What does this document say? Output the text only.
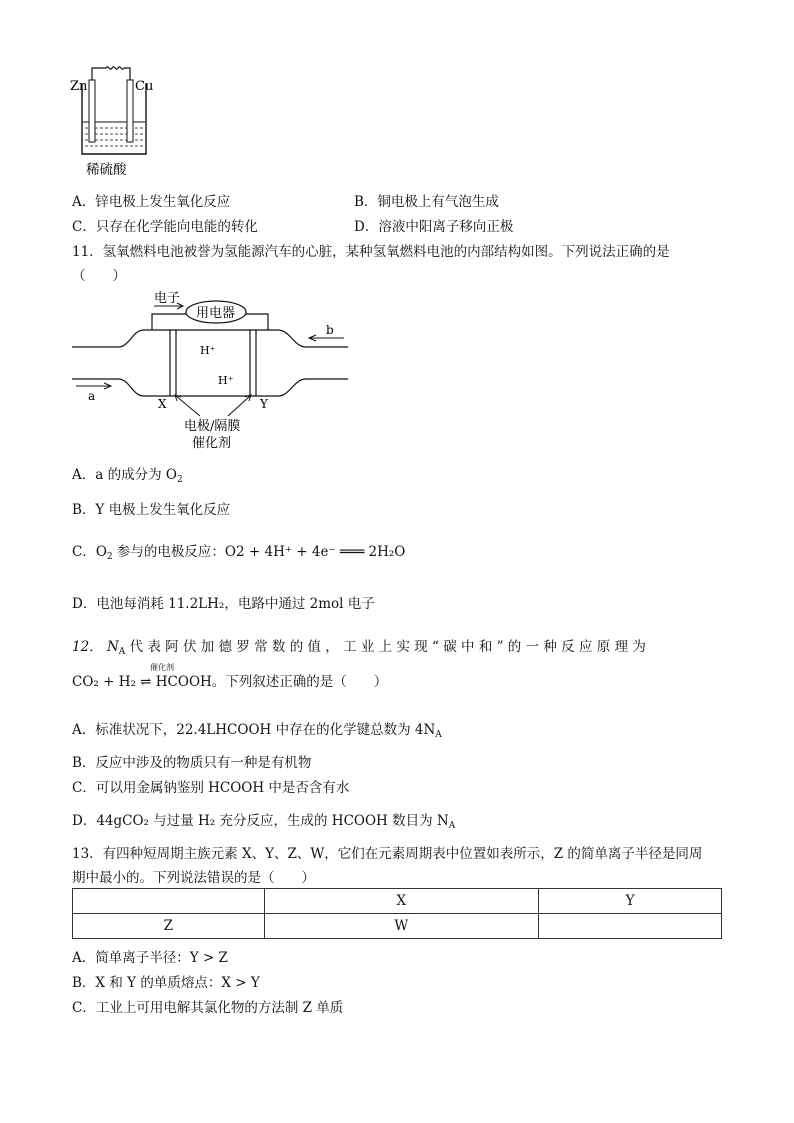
Zn	Cu
稀硫酸
A．锌电极上发生氧化反应	B．铜电极上有气泡生成
C．只存在化学能向电能的转化	D．溶液中阳离子移向正极
11．氢氧燃料电池被誉为氢能源汽车的心脏，某种氢氧燃料电池的内部结构如图。下列说法正确的是
（　　）
用电器
电子
H⁺
H⁺
a
b
X	Y
电极/隔膜
催化剂
A．a 的成分为 $O_2$
B．Y 电极上发生氧化反应
C．$O_2$ 参与的电极反应：O2 + 4H⁺ + 4e⁻ ═══ 2H₂O
D．电池每消耗 11.2LH₂，电路中通过 2mol 电子
12． $N_A$ 代 表 阿 伏 加 德 罗 常 数 的 值 ， 工 业 上 实 现 “ 碳 中 和 ” 的 一 种 反 应 原 理 为
CO₂ + H₂ ⇌ HCOOH。下列叙述正确的是（　　）
催化剂
A．标准状况下，22.4LHCOOH 中存在的化学键总数为 $4N_A$
B．反应中涉及的物质只有一种是有机物
C．可以用金属钠鉴别 HCOOH 中是否含有水
D．44gCO₂ 与过量 H₂ 充分反应，生成的 HCOOH 数目为 $N_A$
13．有四种短周期主族元素 X、Y、Z、W，它们在元素周期表中位置如表所示，Z 的简单离子半径是同周
期中最小的。下列说法错误的是（　　）
	X	Y
Z	W	
A．简单离子半径：Y > Z
B．X 和 Y 的单质熔点：X > Y
C．工业上可用电解其氯化物的方法制 Z 单质
